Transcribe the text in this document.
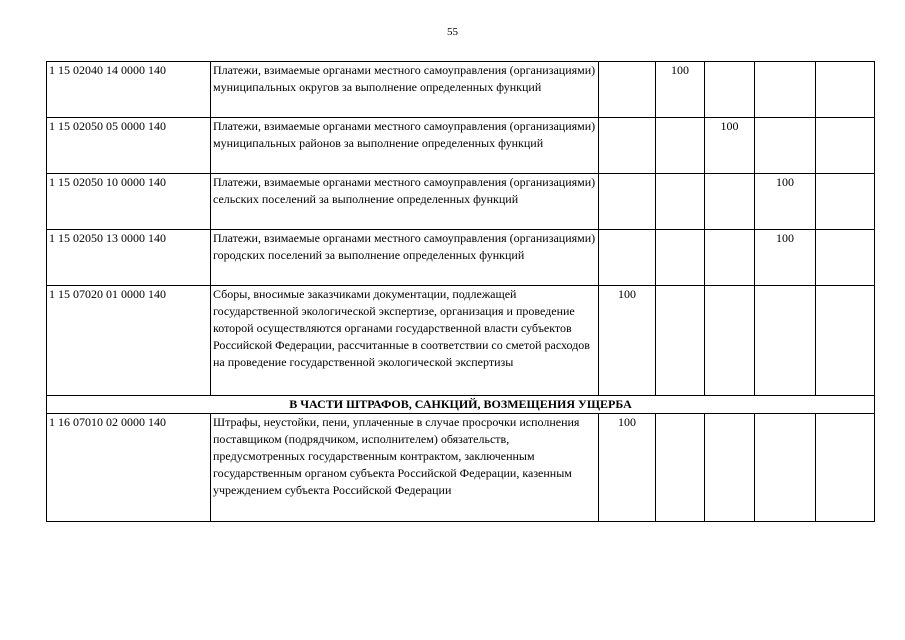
55
1 15 02040 14 0000 140	Платежи, взимаемые органами местного самоуправления (организациями) муниципальных округов за выполнение определенных функций		100			
1 15 02050 05 0000 140	Платежи, взимаемые органами местного самоуправления (организациями) муниципальных районов за выполнение определенных функций			100		
1 15 02050 10 0000 140	Платежи, взимаемые органами местного самоуправления (организациями) сельских поселений за выполнение определенных функций				100	
1 15 02050 13 0000 140	Платежи, взимаемые органами местного самоуправления (организациями) городских поселений за выполнение определенных функций				100	
1 15 07020 01 0000 140	Сборы, вносимые заказчиками документации, подлежащей государственной экологической экспертизе, организация и проведение которой осуществляются органами государственной власти субъектов Российской Федерации, рассчитанные в соответствии со сметой расходов на проведение государственной экологической экспертизы	100				
В ЧАСТИ ШТРАФОВ, САНКЦИЙ, ВОЗМЕЩЕНИЯ УЩЕРБА						
1 16 07010 02 0000 140	Штрафы, неустойки, пени, уплаченные в случае просрочки исполнения поставщиком (подрядчиком, исполнителем) обязательств, предусмотренных государственным контрактом, заключенным государственным органом субъекта Российской Федерации, казенным учреждением субъекта Российской Федерации	100				
